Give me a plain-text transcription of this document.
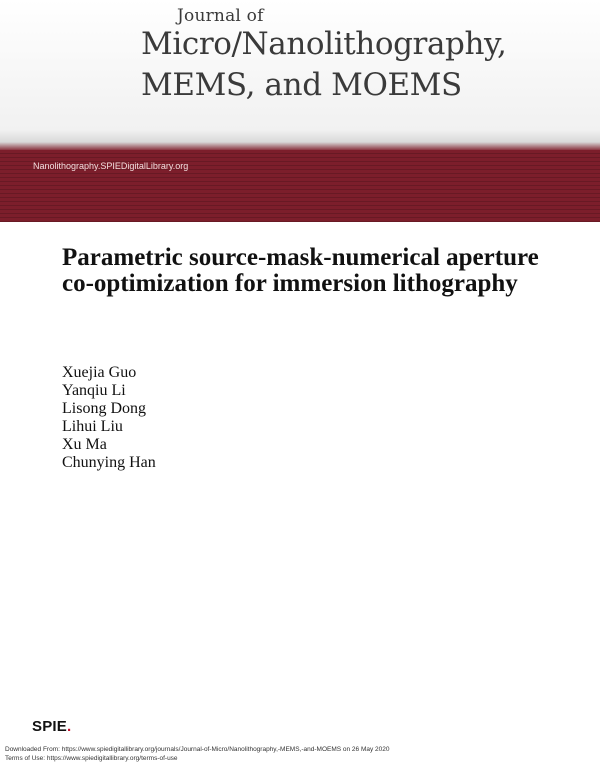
Journal of
Micro/Nanolithography,
MEMS, and MOEMS
Nanolithography.SPIEDigitalLibrary.org
Parametric source-mask-numerical aperture co-optimization for immersion lithography
Xuejia Guo
Yanqiu Li
Lisong Dong
Lihui Liu
Xu Ma
Chunying Han
SPIE.
Downloaded From: https://www.spiedigitallibrary.org/journals/Journal-of-Micro/Nanolithography,-MEMS,-and-MOEMS on 26 May 2020
Terms of Use: https://www.spiedigitallibrary.org/terms-of-use
